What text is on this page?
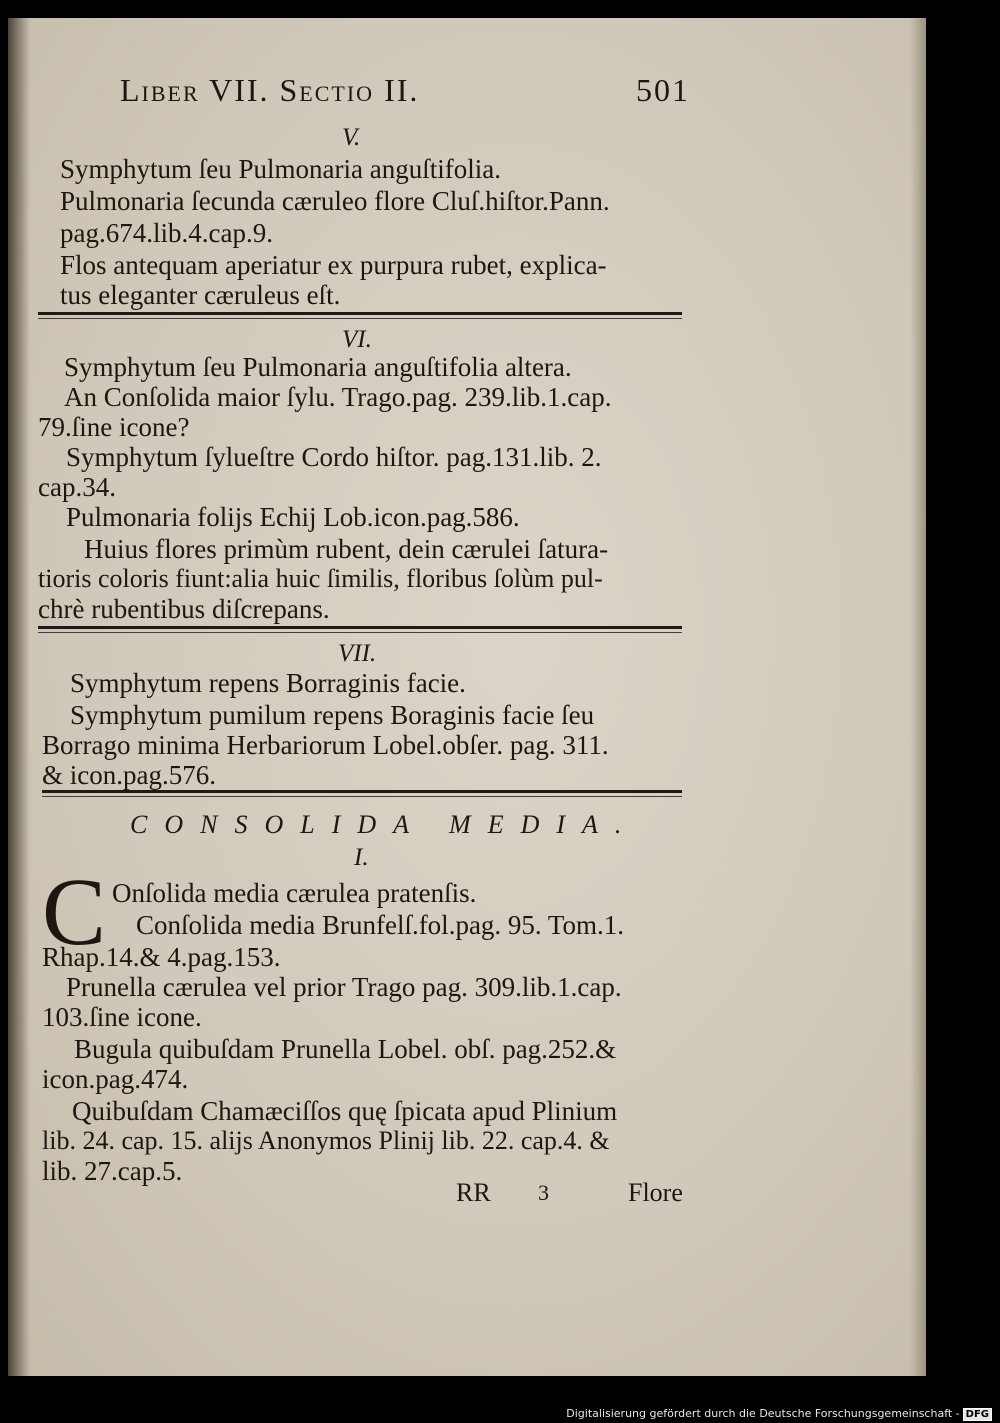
Liber VII. Sectio II.	501
V.
Symphytum ſeu Pulmonaria anguſtifolia.
Pulmonaria ſecunda cæruleo flore Cluſ.hiſtor.Pann.
pag.674.lib.4.cap.9.
Flos antequam aperiatur ex purpura rubet, explica-
tus eleganter cæruleus eſt.
VI.
Symphytum ſeu Pulmonaria anguſtifolia altera.
An Conſolida maior ſylu. Trago.pag. 239.lib.1.cap.
79.ſine icone?
Symphytum ſylueſtre Cordo hiſtor. pag.131.lib. 2.
cap.34.
Pulmonaria folijs Echij Lob.icon.pag.586.
Huius flores primùm rubent, dein cærulei ſatura-
tioris coloris fiunt:alia huic ſimilis, floribus ſolùm pul-
chrè rubentibus diſcrepans.
VII.
Symphytum repens Borraginis facie.
Symphytum pumilum repens Boraginis facie ſeu
Borrago minima Herbariorum Lobel.obſer. pag. 311.
& icon.pag.576.
CONSOLIDA MEDIA.
I.
C Onſolida media cærulea pratenſis.
Conſolida media Brunfelſ.fol.pag. 95. Tom.1.
Rhap.14.& 4.pag.153.
Prunella cærulea vel prior Trago pag. 309.lib.1.cap.
103.ſine icone.
Bugula quibuſdam Prunella Lobel. obſ. pag.252.&
icon.pag.474.
Quibuſdam Chamæciſſos quę ſpicata apud Plinium
lib. 24. cap. 15. alijs Anonymos Plinij lib. 22. cap.4. &
lib. 27.cap.5.
RR 3	Flore
Digitalisierung gefördert durch die Deutsche Forschungsgemeinschaft - DFG
